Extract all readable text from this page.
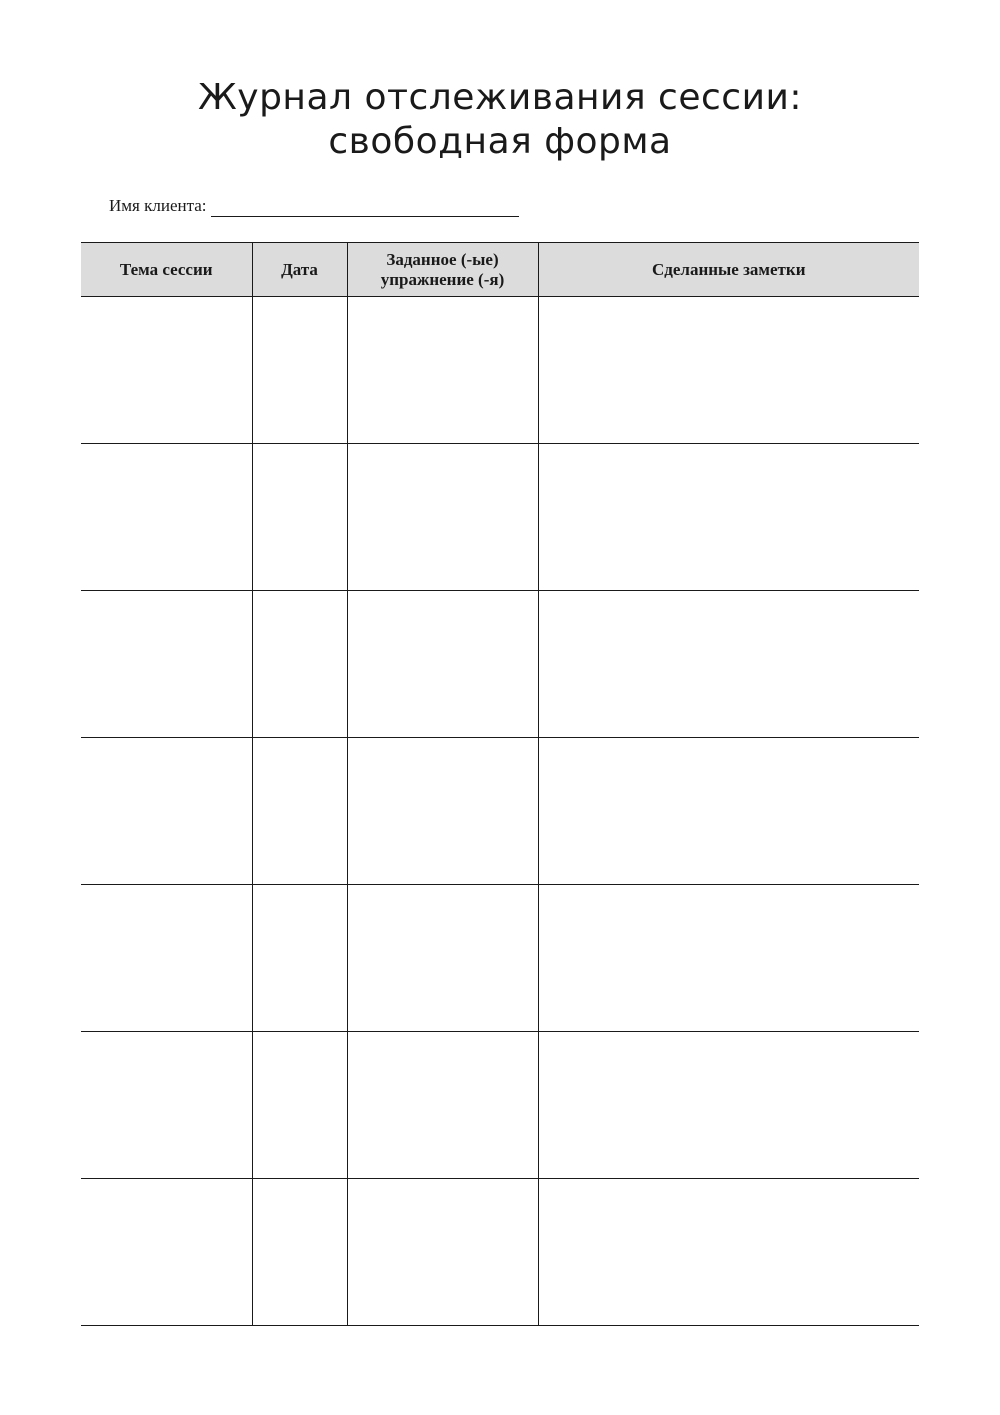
Журнал отслеживания сессии:
свободная форма
Имя клиента:
Тема сессии	Дата	Заданное (-ые) упражнение (-я)	Сделанные заметки
